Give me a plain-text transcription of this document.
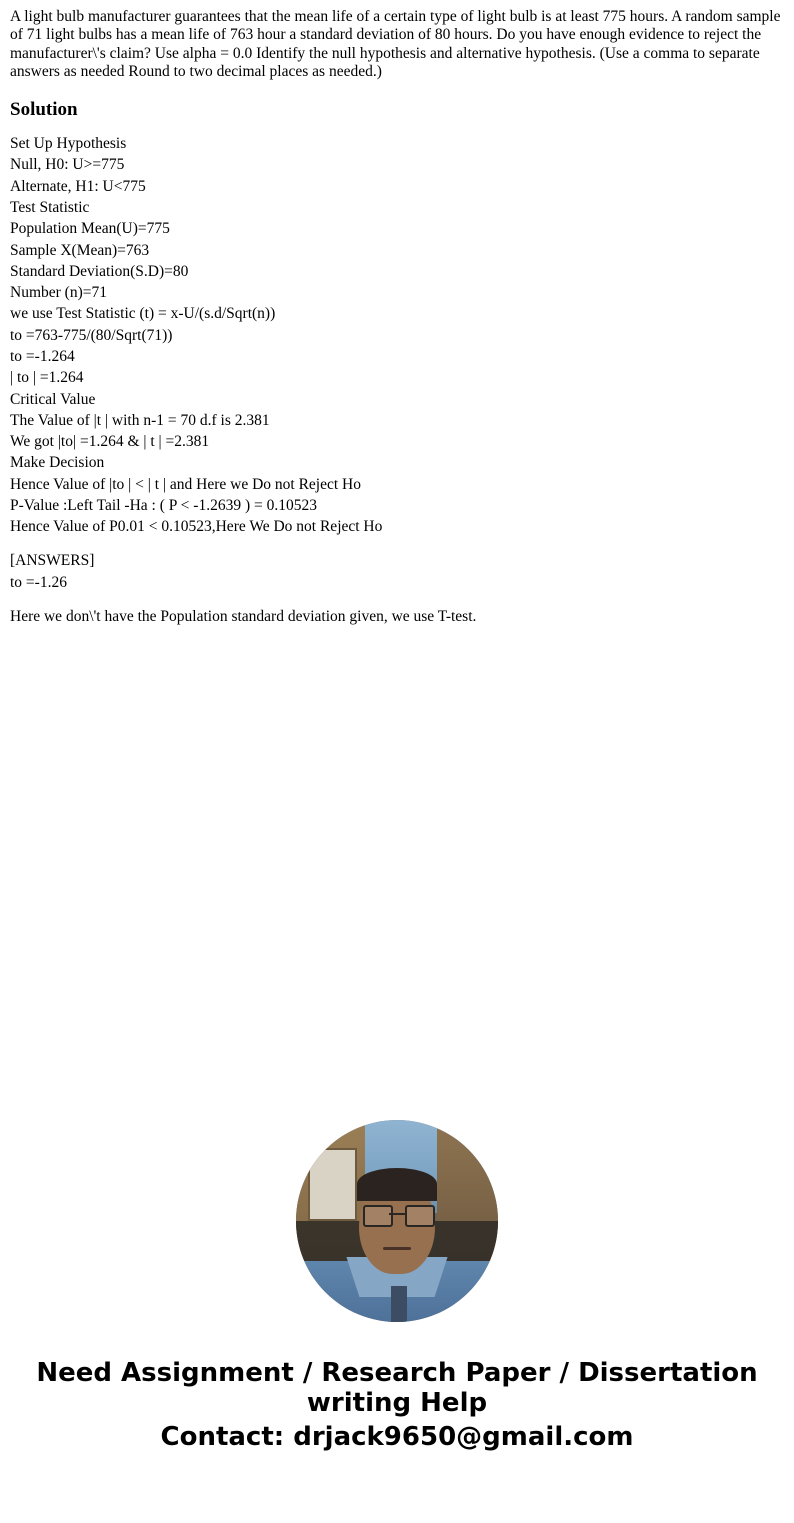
A light bulb manufacturer guarantees that the mean life of a certain type of light bulb is at least 775 hours. A random sample of 71 light bulbs has a mean life of 763 hour a standard deviation of 80 hours. Do you have enough evidence to reject the manufacturer\'s claim? Use alpha = 0.0 Identify the null hypothesis and alternative hypothesis. (Use a comma to separate answers as needed Round to two decimal places as needed.)

Solution
Set Up Hypothesis
Null, H0: U>=775
Alternate, H1: U<775
Test Statistic
Population Mean(U)=775
Sample X(Mean)=763
Standard Deviation(S.D)=80
Number (n)=71
we use Test Statistic (t) = x-U/(s.d/Sqrt(n))
to =763-775/(80/Sqrt(71))
to =-1.264
| to | =1.264
Critical Value
The Value of |t | with n-1 = 70 d.f is 2.381
We got |to| =1.264 & | t | =2.381
Make Decision
Hence Value of |to | < | t | and Here we Do not Reject Ho
P-Value :Left Tail -Ha : ( P < -1.2639 ) = 0.10523
Hence Value of P0.01 < 0.10523,Here We Do not Reject Ho
[ANSWERS]
to =-1.26
Here we don\'t have the Population standard deviation given, we use T-test.
Need Assignment / Research Paper / Dissertation
writing Help
Contact: drjack9650@gmail.com
